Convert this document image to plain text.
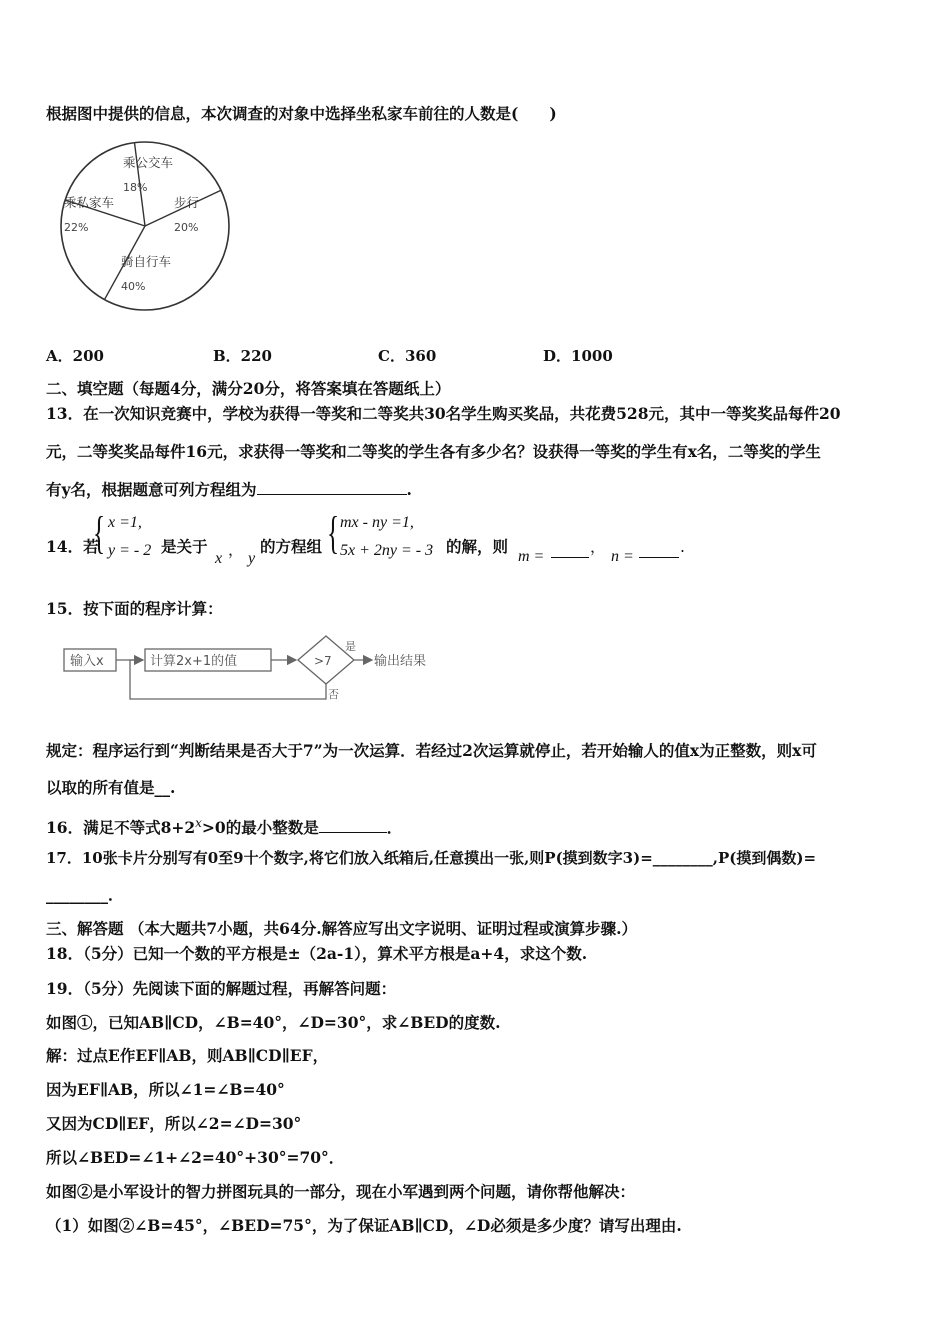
根据图中提供的信息，本次调查的对象中选择坐私家车前往的人数是(　　)
乘公交车
18%
步行
20%
骑自行车
40%
乘私家车
22%
A．200	B．220	C．360	D．1000
二、填空题（每题4分，满分20分，将答案填在答题纸上）
13．在一次知识竞赛中，学校为获得一等奖和二等奖共30名学生购买奖品，共花费528元，其中一等奖奖品每件20
元，二等奖奖品每件16元，求获得一等奖和二等奖的学生各有多少名？设获得一等奖的学生有x名，二等奖的学生
有y名，根据题意可列方程组为	.
14．若
{ x =1,
y = - 2 是关于
x ， y
的方程组 { mx - ny =1,
5x + 2ny = - 3 的解，则
m =
，
n =
.
15．按下面的程序计算：
输入x	计算2x+1的值	>7
是
输出结果
否
规定：程序运行到“判断结果是否大于7”为一次运算．若经过2次运算就停止，若开始输人的值x为正整数，则x可
以取的所有值是__.
16．满足不等式$8+2^x>0$的最小整数是	．
17．10张卡片分别写有0至9十个数字,将它们放入纸箱后,任意摸出一张,则P(摸到数字3)=________,P(摸到偶数)=
________．
三、解答题 （本大题共7小题，共64分.解答应写出文字说明、证明过程或演算步骤.）
18．（5分）已知一个数的平方根是±（2a-1），算术平方根是a+4，求这个数.
19．（5分）先阅读下面的解题过程，再解答问题：
如图①，已知AB∥CD，∠B=40°，∠D=30°，求∠BED的度数.
解：过点E作EF∥AB，则AB∥CD∥EF，
因为EF∥AB，所以∠1=∠B=40°
又因为CD∥EF，所以∠2=∠D=30°
所以∠BED=∠1+∠2=40°+30°=70°．
如图②是小军设计的智力拼图玩具的一部分，现在小军遇到两个问题，请你帮他解决：
（1）如图②∠B=45°，∠BED=75°，为了保证AB∥CD，∠D必须是多少度？请写出理由.
